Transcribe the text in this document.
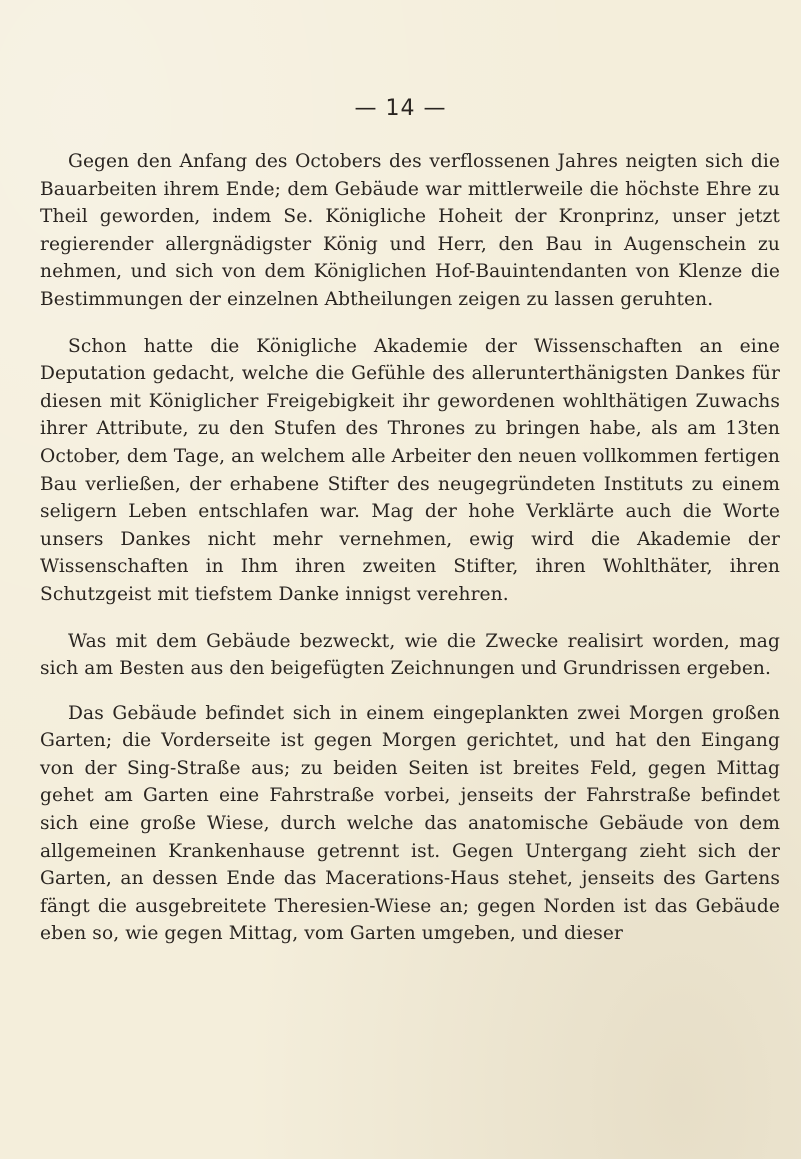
— 14 —

Gegen den Anfang des Octobers des verflossenen Jahres neigten sich die Bauarbeiten ihrem Ende; dem Gebäude war mittlerweile die höchste Ehre zu Theil geworden, indem Se. Königliche Hoheit der Kronprinz, unser jetzt regierender allergnädigster König und Herr, den Bau in Augenschein zu nehmen, und sich von dem Königlichen Hof-Bauintendanten von Klenze die Bestimmungen der einzelnen Abtheilungen zeigen zu lassen geruhten.

Schon hatte die Königliche Akademie der Wissenschaften an eine Deputation gedacht, welche die Gefühle des allerunterthänigsten Dankes für diesen mit Königlicher Freigebigkeit ihr gewordenen wohlthätigen Zuwachs ihrer Attribute, zu den Stufen des Thrones zu bringen habe, als am 13ten October, dem Tage, an welchem alle Arbeiter den neuen vollkommen fertigen Bau verließen, der erhabene Stifter des neugegründeten Instituts zu einem seligern Leben entschlafen war. Mag der hohe Verklärte auch die Worte unsers Dankes nicht mehr vernehmen, ewig wird die Akademie der Wissenschaften in Ihm ihren zweiten Stifter, ihren Wohlthäter, ihren Schutzgeist mit tiefstem Danke innigst verehren.

Was mit dem Gebäude bezweckt, wie die Zwecke realisirt worden, mag sich am Besten aus den beigefügten Zeichnungen und Grundrissen ergeben.

Das Gebäude befindet sich in einem eingeplankten zwei Morgen großen Garten; die Vorderseite ist gegen Morgen gerichtet, und hat den Eingang von der Sing-Straße aus; zu beiden Seiten ist breites Feld, gegen Mittag gehet am Garten eine Fahrstraße vorbei, jenseits der Fahrstraße befindet sich eine große Wiese, durch welche das anatomische Gebäude von dem allgemeinen Krankenhause getrennt ist. Gegen Untergang zieht sich der Garten, an dessen Ende das Macerations-Haus stehet, jenseits des Gartens fängt die ausgebreitete Theresien-Wiese an; gegen Norden ist das Gebäude eben so, wie gegen Mittag, vom Garten umgeben, und dieser
